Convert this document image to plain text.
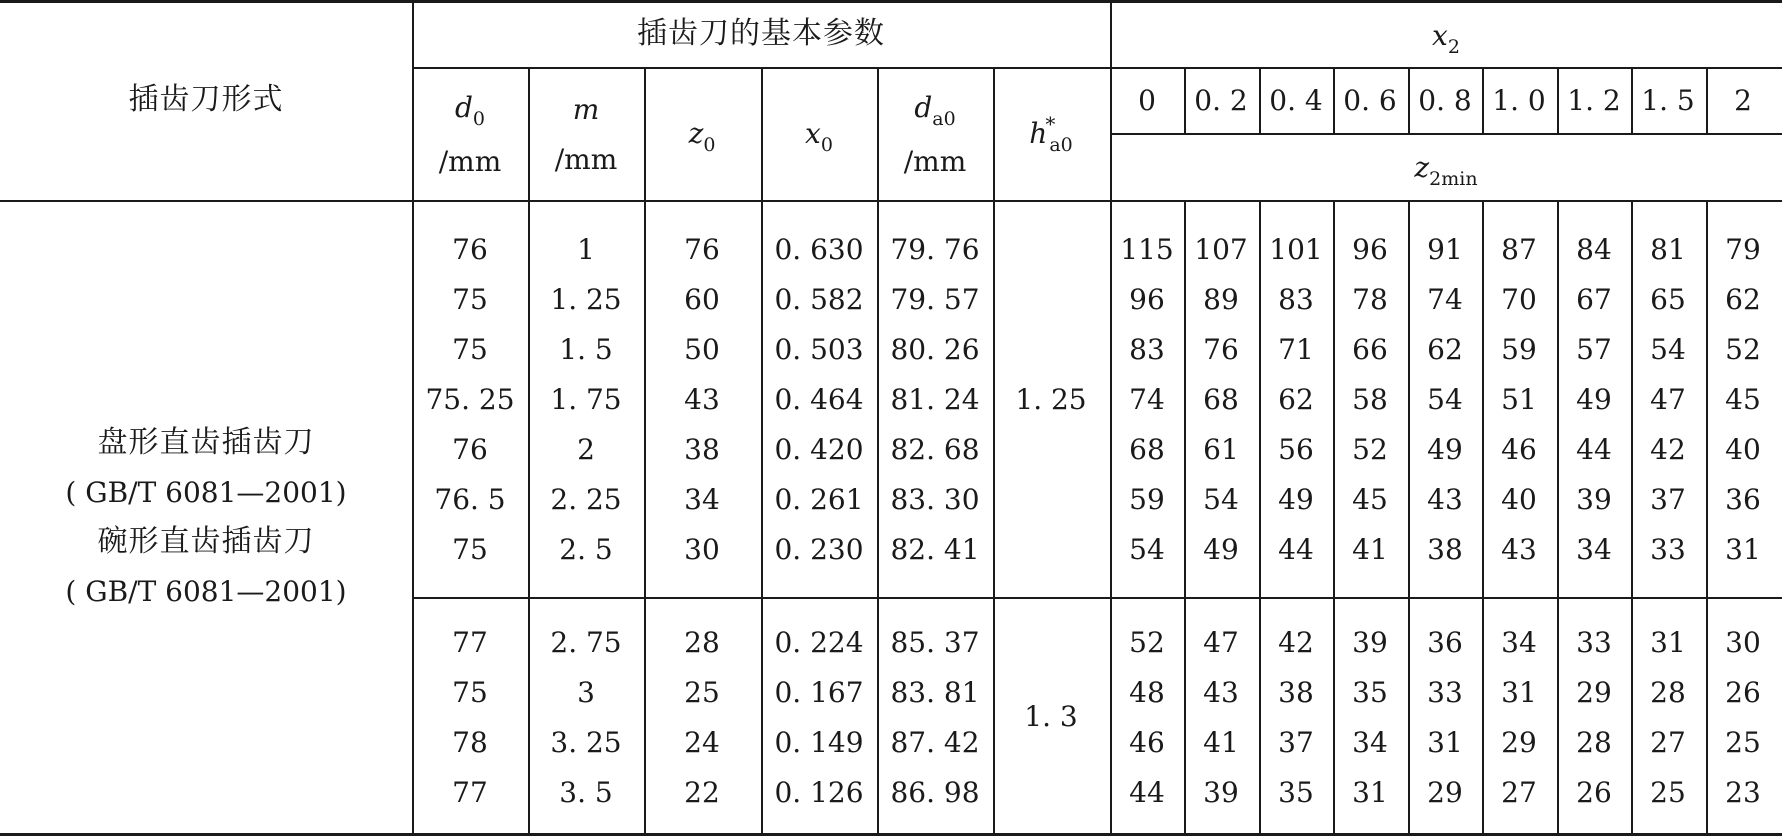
插齿刀形式
插齿刀的基本参数	$x_2$
$z_{2min}$
$d_0$
/mm
m
/mm
$z_0$	$x_0$
$d_{a0}$
/mm
$h^*_{a0}$
0 0. 2 0. 4 0. 6 0. 8 1. 0 1. 2 1. 5 2
盘形直齿插齿刀
( GB/T 6081—2001)
碗形直齿插齿刀
( GB/T 6081—2001)
1. 25
1. 3
76
75
75
75. 25
76
76. 5
75
1
1. 25
1. 5
1. 75
2
2. 25
2. 5
76
60
50
43
38
34
30
0. 630
0. 582
0. 503
0. 464
0. 420
0. 261
0. 230
79. 76
79. 57
80. 26
81. 24
82. 68
83. 30
82. 41
115
96
83
74
68
59
54
107
89
76
68
61
54
49
101
83
71
62
56
49
44
96
78
66
58
52
45
41
91
74
62
54
49
43
38
87
70
59
51
46
40
43
84
67
57
49
44
39
34
81
65
54
47
42
37
33
79
62
52
45
40
36
31
77
75
78
77
2. 75
3
3. 25
3. 5
28
25
24
22
0. 224
0. 167
0. 149
0. 126
85. 37
83. 81
87. 42
86. 98
52
48
46
44
47
43
41
39
42
38
37
35
39
35
34
31
36
33
31
29
34
31
29
27
33
29
28
26
31
28
27
25
30
26
25
23
